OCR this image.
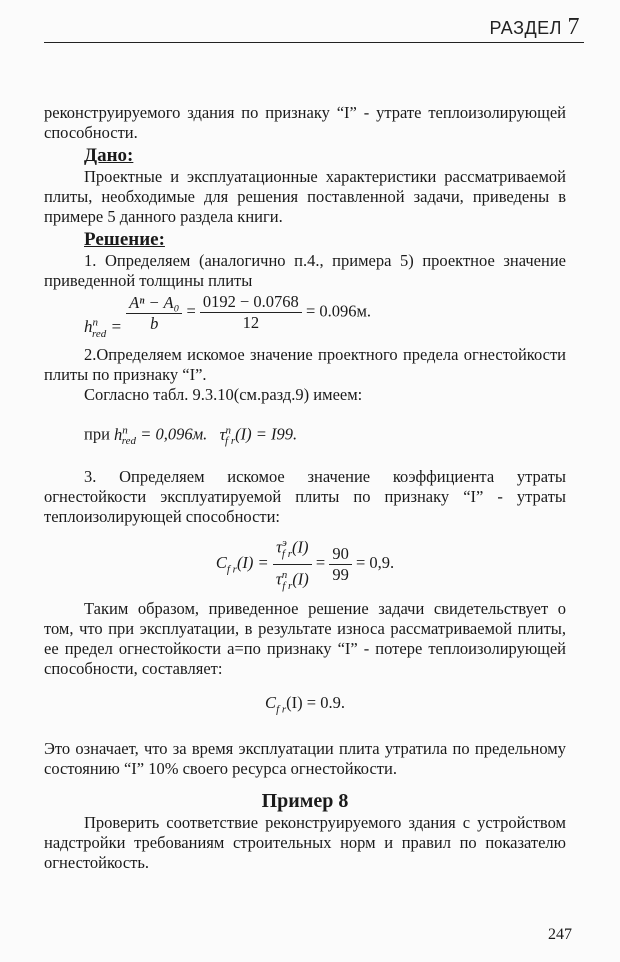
РАЗДЕЛ 7

реконструируемого здания по признаку “I” - утрате теплоизолирующей способности.

Дано:

Проектные и эксплуатационные характеристики рассматриваемой плиты, необходимые для решения поставленной задачи, приведены в примере 5 данного раздела книги.

Решение:

1. Определяем (аналогично п.4., примера 5) проектное значение приведенной толщины плиты

$h^n_{red} = \frac{\text{Aⁿ − A₀}}{b} = \frac{0192 - 0.0768}{12} = 0.096м$.

2.Определяем искомое значение проектного предела огнестойкости плиты по признаку “I”.

Согласно табл. 9.3.10(см.разд.9) имеем:

при $h^n_{red} = 0,096м$. $\tau^n_{f r}(I) = I99$.

3. Определяем искомое значение коэффициента утраты огнестойкости эксплуатируемой плиты по признаку “I” - утраты теплоизолирующей способности:

$C_{f r}(I) = \frac{\tau^э_{f r}(I)}{\tau^n_{f r}(I)} = \frac{90}{99} = 0,9$.

Таким образом, приведенное решение задачи свидетельствует о том, что при эксплуатации, в результате износа рассматриваемой плиты, ее предел огнестойкости а=по признаку “I” - потере теплоизолирующей способности, составляет:

$C_{f r}(I) = 0.9$.

Это означает, что за время эксплуатации плита утратила по предельному состоянию “I” 10% своего ресурса огнестойкости.

Пример 8

Проверить соответствие реконструируемого здания с устройством надстройки требованиям строительных норм и правил по показателю огнестойкость.

247
